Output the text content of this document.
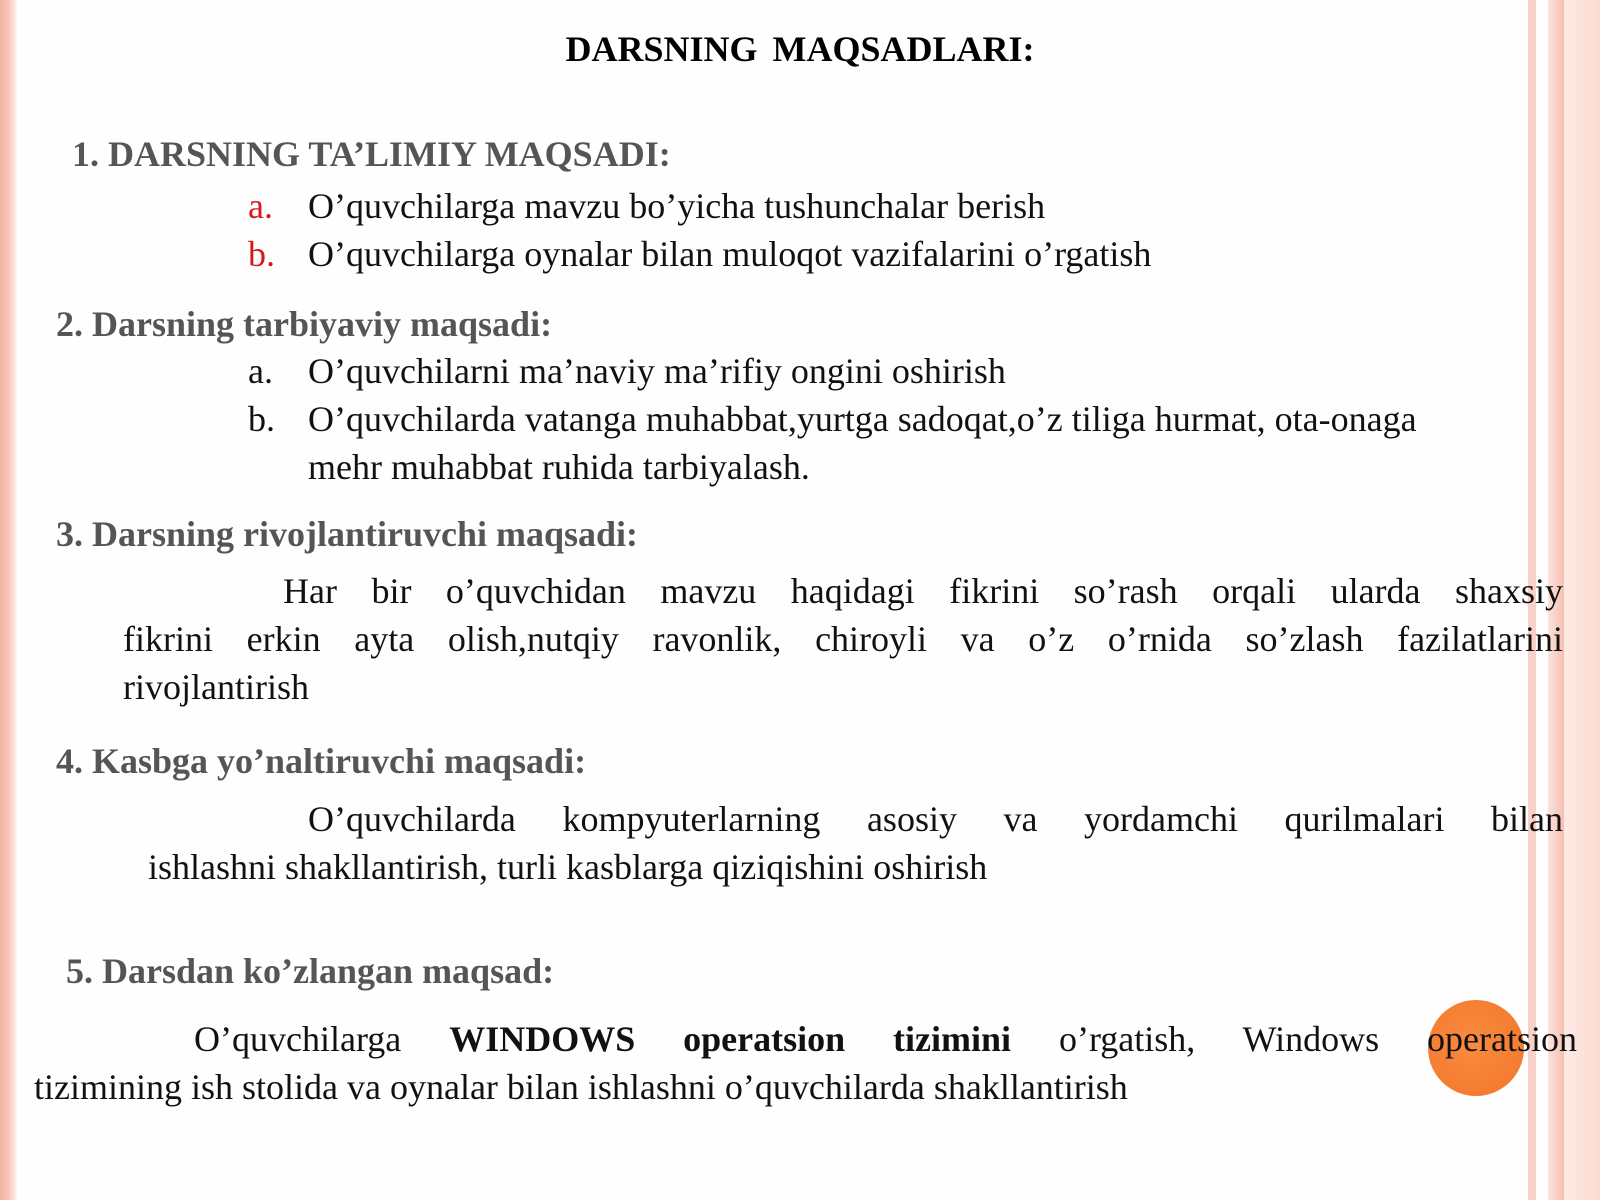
DARSNING MAQSADLARI:
1. DARSNING TA’LIMIY MAQSADI:
a. O’quvchilarga mavzu bo’yicha tushunchalar berish
b. O’quvchilarga oynalar bilan muloqot vazifalarini o’rgatish
2. Darsning tarbiyaviy maqsadi:
a. O’quvchilarni ma’naviy ma’rifiy ongini oshirish
b. O’quvchilarda vatanga muhabbat,yurtga sadoqat,o’z tiliga hurmat, ota-onaga
mehr muhabbat ruhida tarbiyalash.
3. Darsning rivojlantiruvchi maqsadi:
Har bir o’quvchidan mavzu haqidagi fikrini so’rash orqali ularda shaxsiy
fikrini erkin ayta olish,nutqiy ravonlik, chiroyli va o’z o’rnida so’zlash fazilatlarini
rivojlantirish
4. Kasbga yo’naltiruvchi maqsadi:
O’quvchilarda kompyuterlarning asosiy va yordamchi qurilmalari bilan
ishlashni shakllantirish, turli kasblarga qiziqishini oshirish
5. Darsdan ko’zlangan maqsad:
O’quvchilarga WINDOWS operatsion tizimini o’rgatish, Windows operatsion
tizimining ish stolida va oynalar bilan ishlashni o’quvchilarda shakllantirish
